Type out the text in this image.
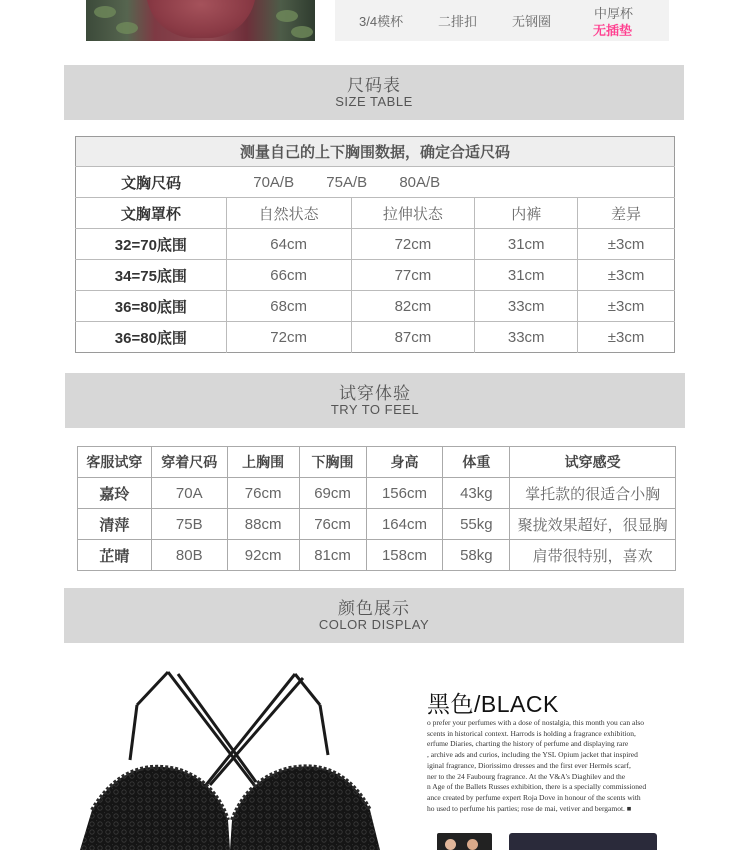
3/4模杯	二排扣	无钢圈
中厚杯
无插垫
尺码表
SIZE TABLE
测量自己的上下胸围数据，确定合适尺码				
文胸尺码	70A/B 75A/B 80A/B			
文胸罩杯	自然状态	拉伸状态	内裤	差异
32=70底围	64cm	72cm	31cm	±3cm
34=75底围	66cm	77cm	31cm	±3cm
36=80底围	68cm	82cm	33cm	±3cm
36=80底围	72cm	87cm	33cm	±3cm
试穿体验
TRY TO FEEL
客服试穿	穿着尺码	上胸围	下胸围	身高	体重	试穿感受
嘉玲	70A	76cm	69cm	156cm	43kg	掌托款的很适合小胸
清萍	75B	88cm	76cm	164cm	55kg	聚拢效果超好，很显胸
芷晴	80B	92cm	81cm	158cm	58kg	肩带很特别，喜欢
颜色展示
COLOR DISPLAY
黑色/BLACK

o prefer your perfumes with a dose of nostalgia, this month you can also

scents in historical context. Harrods is holding a fragrance exhibition,

erfume Diaries, charting the history of perfume and displaying rare

, archive ads and curios, including the YSL Opium jacket that inspired

iginal fragrance, Diorissimo dresses and the first ever Hermès scarf,

ner to the 24 Faubourg fragrance. At the V&A's Diaghilev and the

n Age of the Ballets Russes exhibition, there is a specially commissioned

ance created by perfume expert Roja Dove in honour of the scents with

ho used to perfume his parties; rose de mai, vetiver and bergamot. ■
